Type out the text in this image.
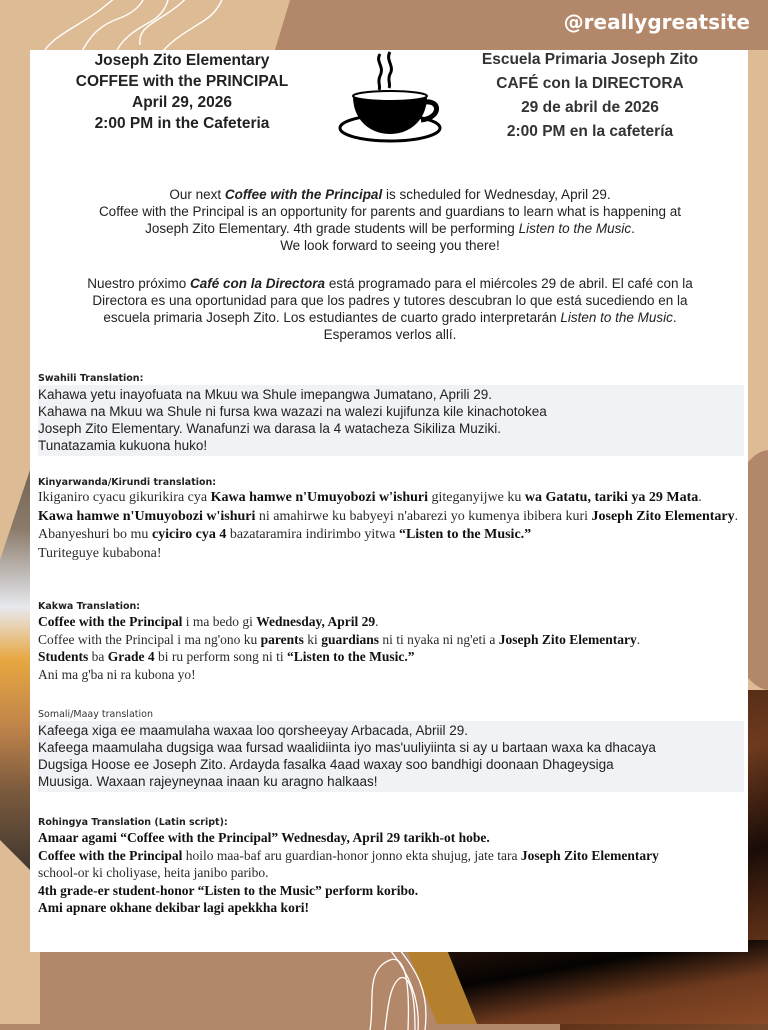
@reallygreatsite
Joseph Zito Elementary
COFFEE with the PRINCIPAL
April 29, 2026
2:00 PM in the Cafeteria
Escuela Primaria Joseph Zito
CAFÉ con la DIRECTORA
29 de abril de 2026
2:00 PM en la cafetería
Our next Coffee with the Principal is scheduled for Wednesday, April 29.
Coffee with the Principal is an opportunity for parents and guardians to learn what is happening at
Joseph Zito Elementary. 4th grade students will be performing Listen to the Music.
We look forward to seeing you there!
Nuestro próximo Café con la Directora está programado para el miércoles 29 de abril. El café con la
Directora es una oportunidad para que los padres y tutores descubran lo que está sucediendo en la
escuela primaria Joseph Zito. Los estudiantes de cuarto grado interpretarán Listen to the Music.
Esperamos verlos allí.
Swahili Translation:

Kahawa yetu inayofuata na Mkuu wa Shule imepangwa Jumatano, Aprili 29.

Kahawa na Mkuu wa Shule ni fursa kwa wazazi na walezi kujifunza kile kinachotokea

Joseph Zito Elementary. Wanafunzi wa darasa la 4 watacheza Sikiliza Muziki.

Tunatazamia kukuona huko!

Kinyarwanda/Kirundi translation:

Ikiganiro cyacu gikurikira cya Kawa hamwe n'Umuyobozi w'ishuri giteganyijwe ku wa Gatatu, tariki ya 29 Mata.

Kawa hamwe n'Umuyobozi w'ishuri ni amahirwe ku babyeyi n'abarezi yo kumenya ibibera kuri Joseph Zito Elementary. Abanyeshuri bo mu cyiciro cya 4 bazataramira indirimbo yitwa “Listen to the Music.”

Turiteguye kubabona!

Kakwa Translation:

Coffee with the Principal i ma bedo gi Wednesday, April 29.

Coffee with the Principal i ma ng'ono ku parents ki guardians ni ti nyaka ni ng'eti a Joseph Zito Elementary.

Students ba Grade 4 bi ru perform song ni ti “Listen to the Music.”

Ani ma g'ba ni ra kubona yo!

Somali/Maay translation

Kafeega xiga ee maamulaha waxaa loo qorsheeyay Arbacada, Abriil 29.

Kafeega maamulaha dugsiga waa fursad waalidiinta iyo mas'uuliyiinta si ay u bartaan waxa ka dhacaya

Dugsiga Hoose ee Joseph Zito. Ardayda fasalka 4aad waxay soo bandhigi doonaan Dhageysiga

Muusiga. Waxaan rajeyneynaa inaan ku aragno halkaas!

Rohingya Translation (Latin script):

Amaar agami “Coffee with the Principal” Wednesday, April 29 tarikh-ot hobe.

Coffee with the Principal hoilo maa-baf aru guardian-honor jonno ekta shujug, jate tara Joseph Zito Elementary

school-or ki choliyase, heita janibo paribo.

4th grade-er student-honor “Listen to the Music” perform koribo.

Ami apnare okhane dekibar lagi apekkha kori!
